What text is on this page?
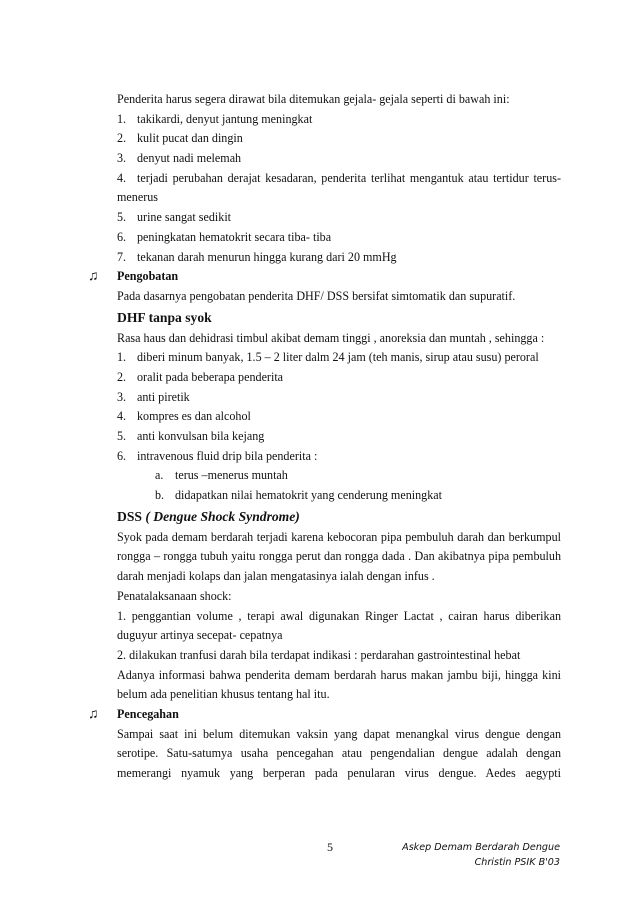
Penderita harus segera dirawat bila ditemukan gejala- gejala seperti di bawah ini:
1. takikardi, denyut jantung meningkat
2. kulit pucat dan dingin
3. denyut nadi melemah
4. terjadi perubahan derajat kesadaran, penderita terlihat mengantuk atau tertidur terus-
menerus
5. urine sangat sedikit
6. peningkatan hematokrit secara tiba- tiba
7. tekanan darah menurun hingga kurang dari 20 mmHg
♫ Pengobatan
Pada dasarnya pengobatan penderita DHF/ DSS bersifat simtomatik dan supuratif.
DHF tanpa syok
Rasa haus dan dehidrasi timbul akibat demam tinggi , anoreksia dan muntah , sehingga :
1. diberi minum banyak, 1.5 – 2 liter dalm 24 jam (teh manis, sirup atau susu) peroral
2. oralit pada beberapa penderita
3. anti piretik
4. kompres es dan alcohol
5. anti konvulsan bila kejang
6. intravenous fluid drip bila penderita :
a. terus –menerus muntah
b. didapatkan nilai hematokrit yang cenderung meningkat
DSS ( Dengue Shock Syndrome)
Syok pada demam berdarah terjadi karena kebocoran pipa pembuluh darah dan berkumpul
rongga – rongga tubuh yaitu rongga perut dan rongga dada . Dan akibatnya pipa pembuluh
darah menjadi kolaps dan jalan mengatasinya ialah dengan infus .
Penatalaksanaan shock:
1. penggantian volume , terapi awal digunakan Ringer Lactat , cairan harus diberikan
duguyur artinya secepat- cepatnya
2. dilakukan tranfusi darah bila terdapat indikasi : perdarahan gastrointestinal hebat
Adanya informasi bahwa penderita demam berdarah harus makan jambu biji, hingga kini
belum ada penelitian khusus tentang hal itu.
♫ Pencegahan
Sampai saat ini belum ditemukan vaksin yang dapat menangkal virus dengue dengan
serotipe. Satu-satumya usaha pencegahan atau pengendalian dengue adalah dengan
memerangi nyamuk yang berperan pada penularan virus dengue. Aedes aegypti
5	Askep Demam Berdarah Dengue
Christin PSIK B'03
